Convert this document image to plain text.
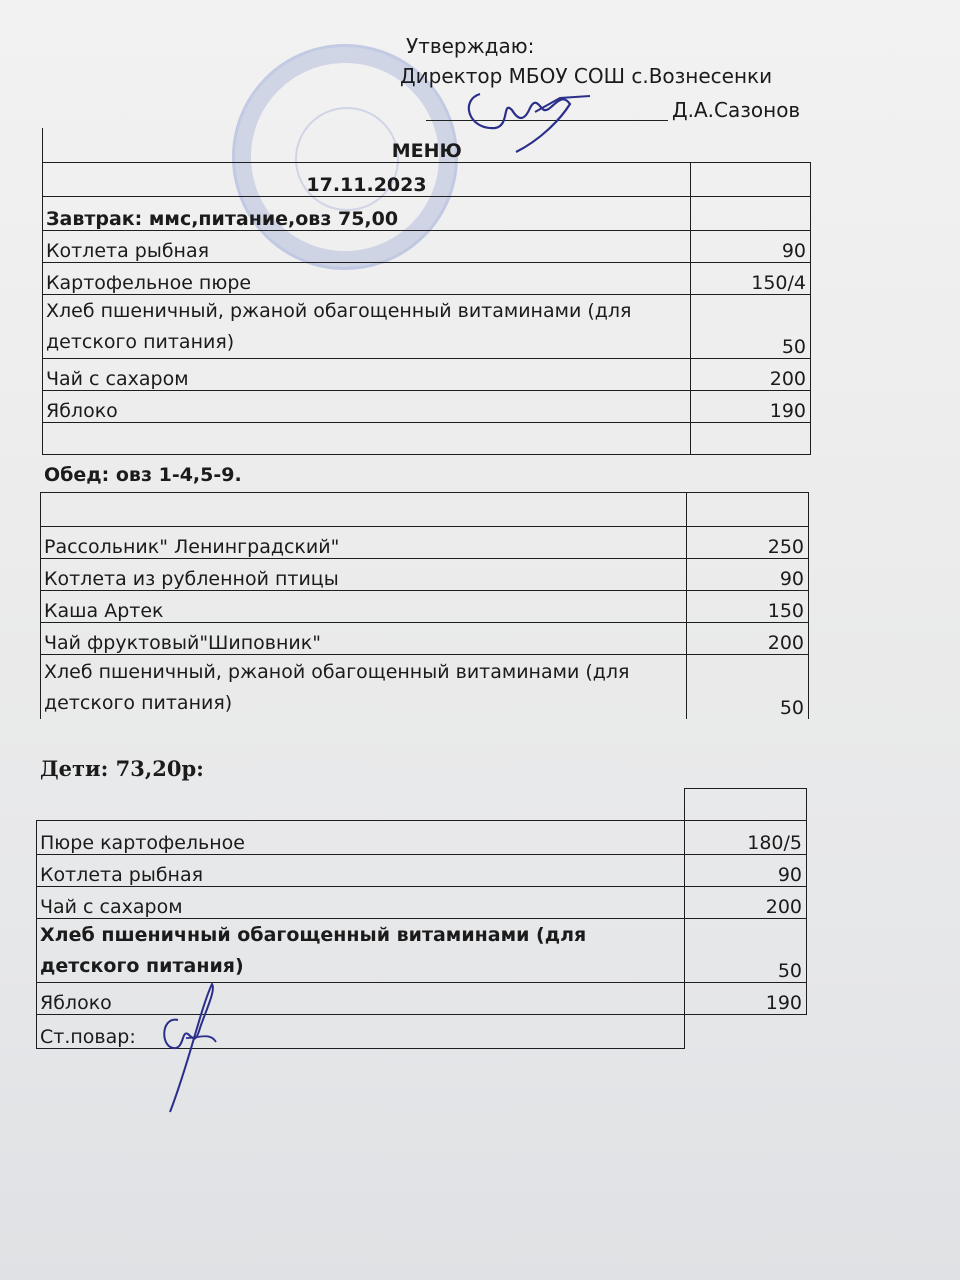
Утверждаю:
Директор МБОУ СОШ с.Вознесенки
Д.А.Сазонов
МЕНЮ	
17.11.2023	
Завтрак: ммс,питание,овз 75,00	
Котлета рыбная	90
Картофельное пюре	150/4
Хлеб пшеничный, ржаной обагощенный витаминами (для детского питания)	50
Чай с сахаром	200
Яблоко	190

Обед: овз 1-4,5-9.

Рассольник" Ленинградский"	250
Котлета из рубленной птицы	90
Каша Артек	150
Чай фруктовый"Шиповник"	200
Хлеб пшеничный, ржаной обагощенный витаминами (для детского питания)	50
Дети: 73,20р:

Пюре картофельное	180/5
Котлета рыбная	90
Чай с сахаром	200
Хлеб пшеничный обагощенный витаминами (для детского питания)	50
Яблоко	190
Ст.повар:	
